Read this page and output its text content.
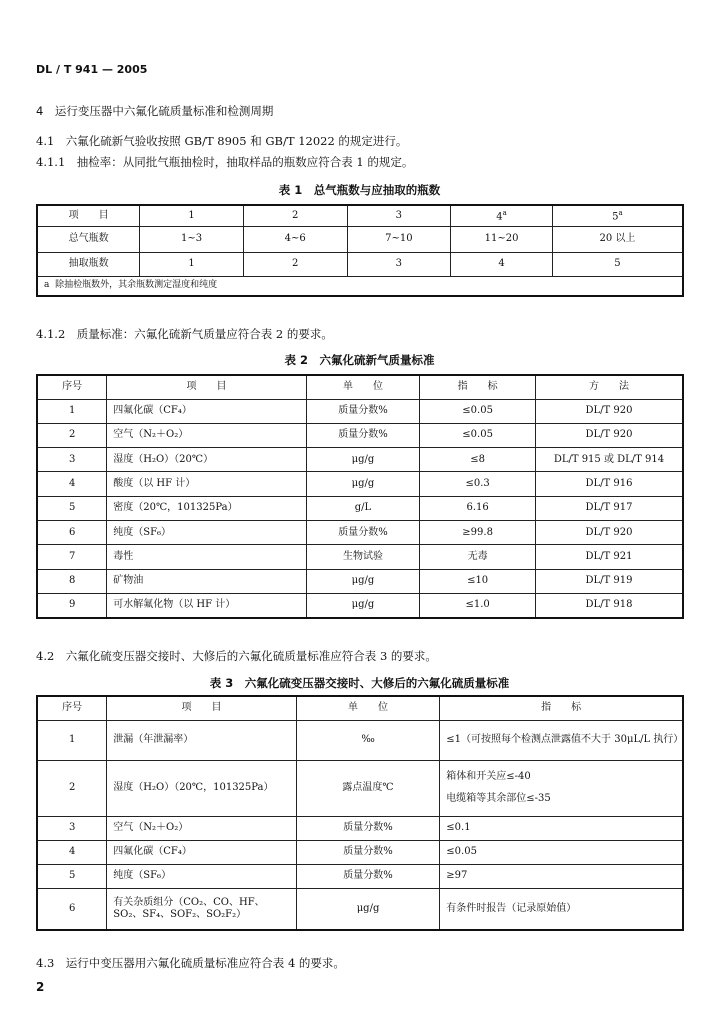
DL / T 941 — 2005
4　运行变压器中六氟化硫质量标准和检测周期
4.1　六氟化硫新气验收按照 GB/T 8905 和 GB/T 12022 的规定进行。
4.1.1　抽检率：从同批气瓶抽检时，抽取样品的瓶数应符合表 1 的规定。
表 1　总气瓶数与应抽取的瓶数
项　　目	1	2	3	4$^a$	5$^a$
总气瓶数	1~3	4~6	7~10	11~20	20 以上
抽取瓶数	1	2	3	4	5
a 除抽检瓶数外，其余瓶数测定湿度和纯度					
4.1.2　质量标准：六氟化硫新气质量应符合表 2 的要求。
表 2　六氟化硫新气质量标准
序号	项　　目	单　　位	指　　标	方　　法
1	四氟化碳（CF₄）	质量分数%	≤0.05	DL/T 920
2	空气（N₂＋O₂）	质量分数%	≤0.05	DL/T 920
3	湿度（H₂O）（20℃）	μg/g	≤8	DL/T 915 或 DL/T 914
4	酸度（以 HF 计）	μg/g	≤0.3	DL/T 916
5	密度（20℃，101325Pa）	g/L	6.16	DL/T 917
6	纯度（SF₆）	质量分数%	≥99.8	DL/T 920
7	毒性	生物试验	无毒	DL/T 921
8	矿物油	μg/g	≤10	DL/T 919
9	可水解氟化物（以 HF 计）	μg/g	≤1.0	DL/T 918
4.2　六氟化硫变压器交接时、大修后的六氟化硫质量标准应符合表 3 的要求。
表 3　六氟化硫变压器交接时、大修后的六氟化硫质量标准
序号	项　　目	单　　位	指　　标
1	泄漏（年泄漏率）	‰	≤1（可按照每个检测点泄露值不大于 30μL/L 执行）
2	湿度（H₂O）（20℃，101325Pa）	露点温度℃	箱体和开关应≤-40
电缆箱等其余部位≤-35

3	空气（N₂＋O₂）	质量分数%	≤0.1
4	四氟化碳（CF₄）	质量分数%	≤0.05
5	纯度（SF₆）	质量分数%	≥97
6	有关杂质组分（CO₂、CO、HF、
SO₂、SF₄、SOF₂、SO₂F₂）	μg/g	有条件时报告（记录原始值）
4.3　运行中变压器用六氟化硫质量标准应符合表 4 的要求。
2
